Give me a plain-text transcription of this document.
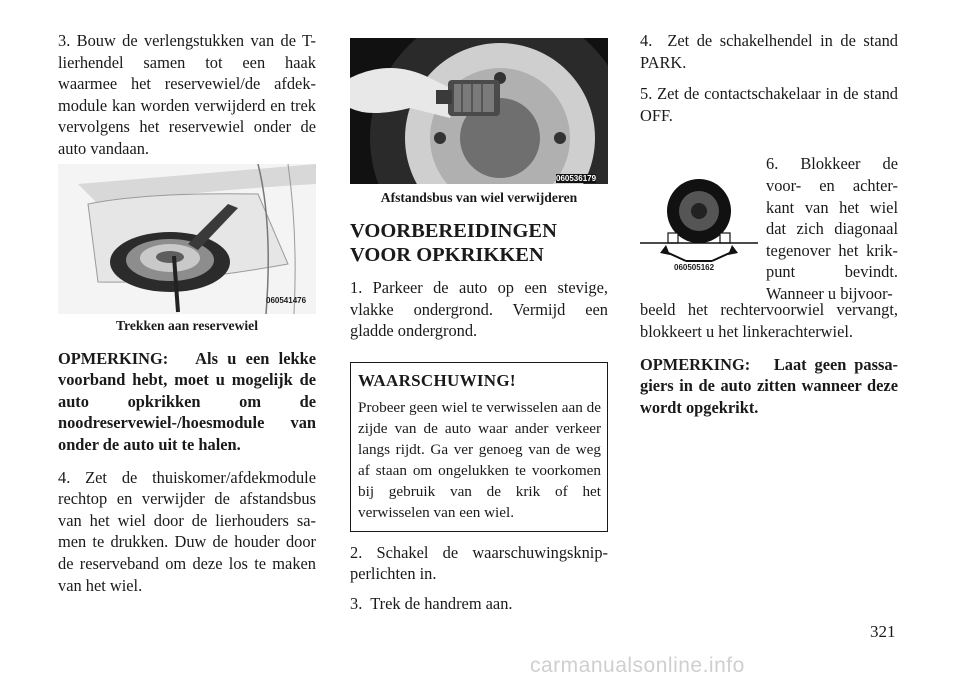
3. Bouw de verlengstukken van de T-lierhendel samen tot een haak waarmee het reservewiel/de afdek-module kan worden verwijderd en trek vervolgens het reservewiel onder de auto vandaan.

060541476

Trekken aan reservewiel

OPMERKING:   Als u een lekke voorband hebt, moet u mogelijk de auto opkrikken om de noodreservewiel-/hoesmodule van onder de auto uit te halen.

4. Zet de thuiskomer/afdekmodule rechtop en verwijder de afstandsbus van het wiel door de lierhouders sa-men te drukken. Duw de houder door de reserveband om deze los te maken van het wiel.

060536179

Afstandsbus van wiel verwijderen

VOORBEREIDINGEN VOOR OPKRIKKEN

1. Parkeer de auto op een stevige, vlakke ondergrond. Vermijd een gladde ondergrond.

WAARSCHUWING!

Probeer geen wiel te verwisselen aan de zijde van de auto waar ander verkeer langs rijdt. Ga ver genoeg van de weg af staan om ongelukken te voorkomen bij gebruik van de krik of het verwisselen van een wiel.

2. Schakel de waarschuwingsknip-perlichten in.

3.  Trek de handrem aan.

4.  Zet de schakelhendel in de stand PARK.

5. Zet de contactschakelaar in de stand OFF.

060505162

6. Blokkeer de voor- en achter-kant van het wiel dat zich diagonaal tegenover het krik-punt bevindt. Wanneer u bijvoor-

beeld het rechtervoorwiel vervangt, blokkeert u het linkerachterwiel.

OPMERKING:   Laat geen passa-giers in de auto zitten wanneer deze wordt opgekrikt.

321
carmanualsonline.info
